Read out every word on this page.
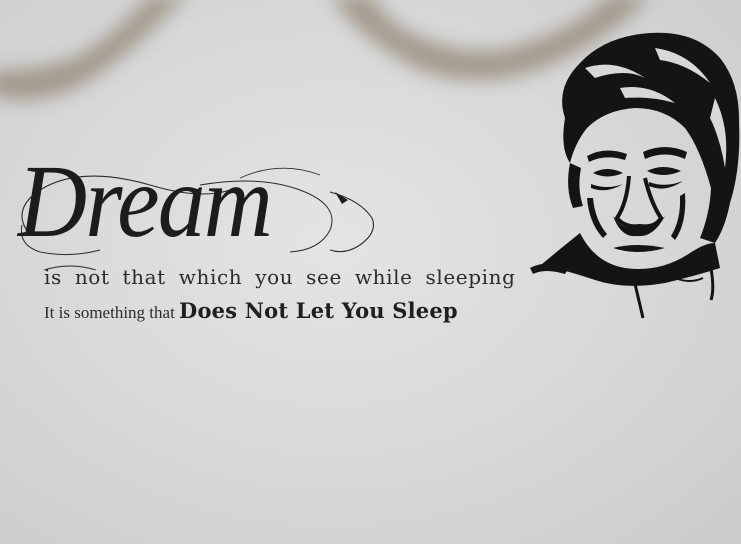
Dream
is not that which you see while sleeping
It is something that Does Not Let You Sleep
